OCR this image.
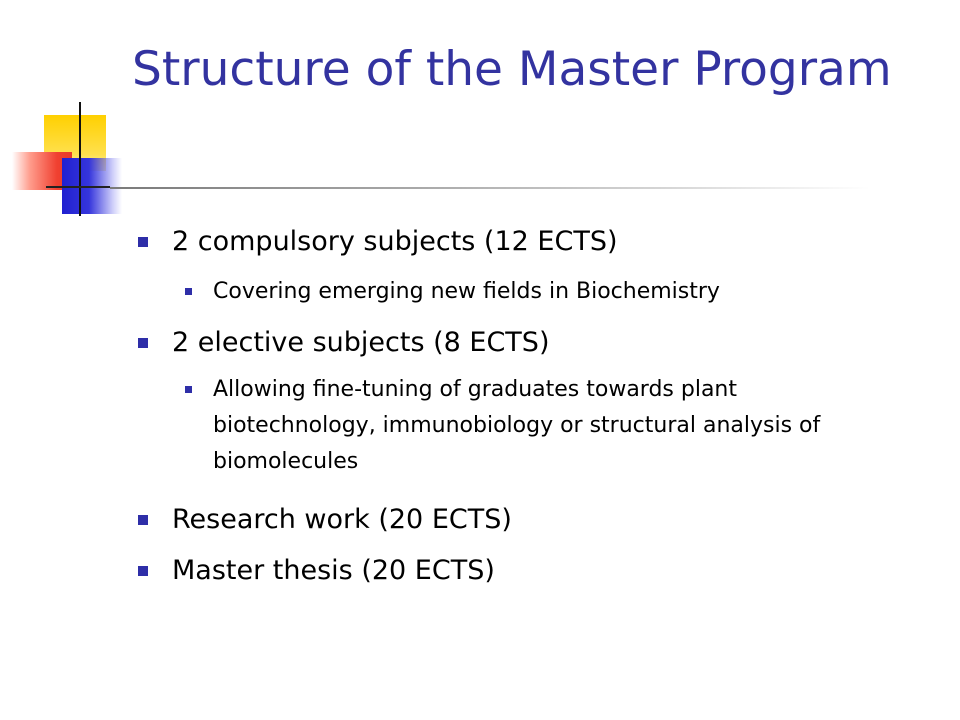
Structure of the Master Program
2 compulsory subjects (12 ECTS)
Covering emerging new fields in Biochemistry
2 elective subjects (8 ECTS)
Allowing fine-tuning of graduates towards plant biotechnology, immunobiology or structural analysis of biomolecules
Research work (20 ECTS)
Master thesis (20 ECTS)
